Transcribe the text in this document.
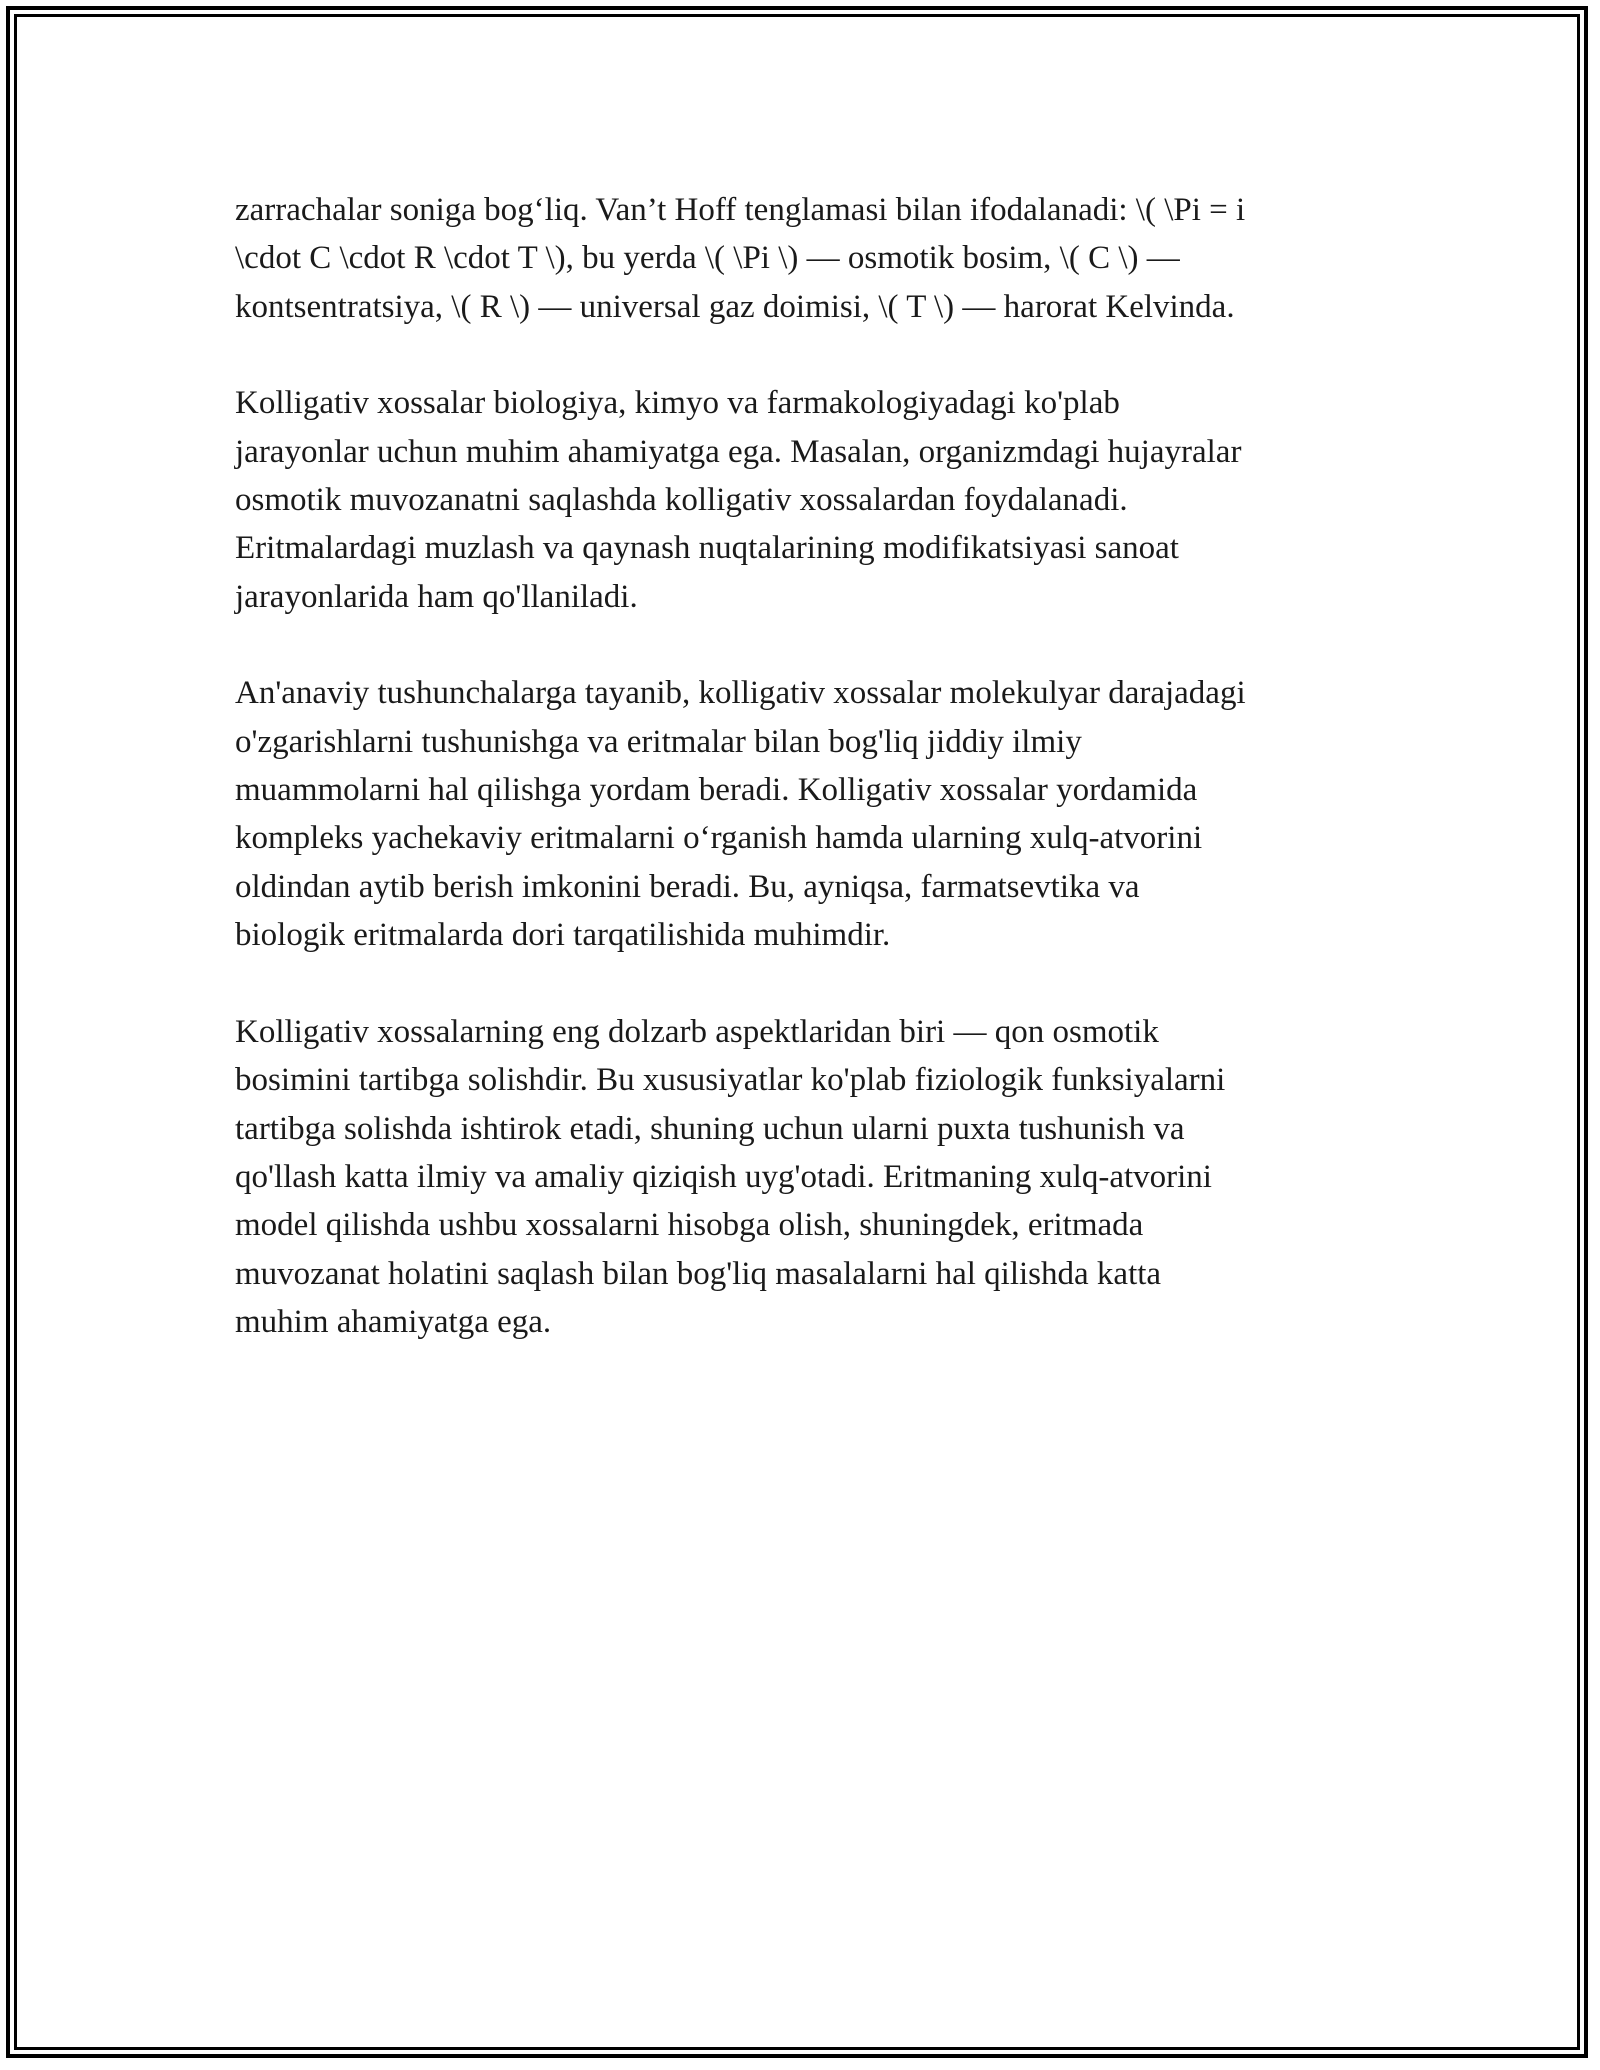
zarrachalar soniga bog‘liq. Van’t Hoff tenglamasi bilan ifodalanadi: \( \Pi = i
\cdot C \cdot R \cdot T \), bu yerda \( \Pi \) — osmotik bosim, \( C \) —
kontsentratsiya, \( R \) — universal gaz doimisi, \( T \) — harorat Kelvinda.

Kolligativ xossalar biologiya, kimyo va farmakologiyadagi ko'plab
jarayonlar uchun muhim ahamiyatga ega. Masalan, organizmdagi hujayralar
osmotik muvozanatni saqlashda kolligativ xossalardan foydalanadi.
Eritmalardagi muzlash va qaynash nuqtalarining modifikatsiyasi sanoat
jarayonlarida ham qo'llaniladi.

An'anaviy tushunchalarga tayanib, kolligativ xossalar molekulyar darajadagi
o'zgarishlarni tushunishga va eritmalar bilan bog'liq jiddiy ilmiy
muammolarni hal qilishga yordam beradi. Kolligativ xossalar yordamida
kompleks yachekaviy eritmalarni o‘rganish hamda ularning xulq-atvorini
oldindan aytib berish imkonini beradi. Bu, ayniqsa, farmatsevtika va
biologik eritmalarda dori tarqatilishida muhimdir.

Kolligativ xossalarning eng dolzarb aspektlaridan biri — qon osmotik
bosimini tartibga solishdir. Bu xususiyatlar ko'plab fiziologik funksiyalarni
tartibga solishda ishtirok etadi, shuning uchun ularni puxta tushunish va
qo'llash katta ilmiy va amaliy qiziqish uyg'otadi. Eritmaning xulq-atvorini
model qilishda ushbu xossalarni hisobga olish, shuningdek, eritmada
muvozanat holatini saqlash bilan bog'liq masalalarni hal qilishda katta
muhim ahamiyatga ega.
